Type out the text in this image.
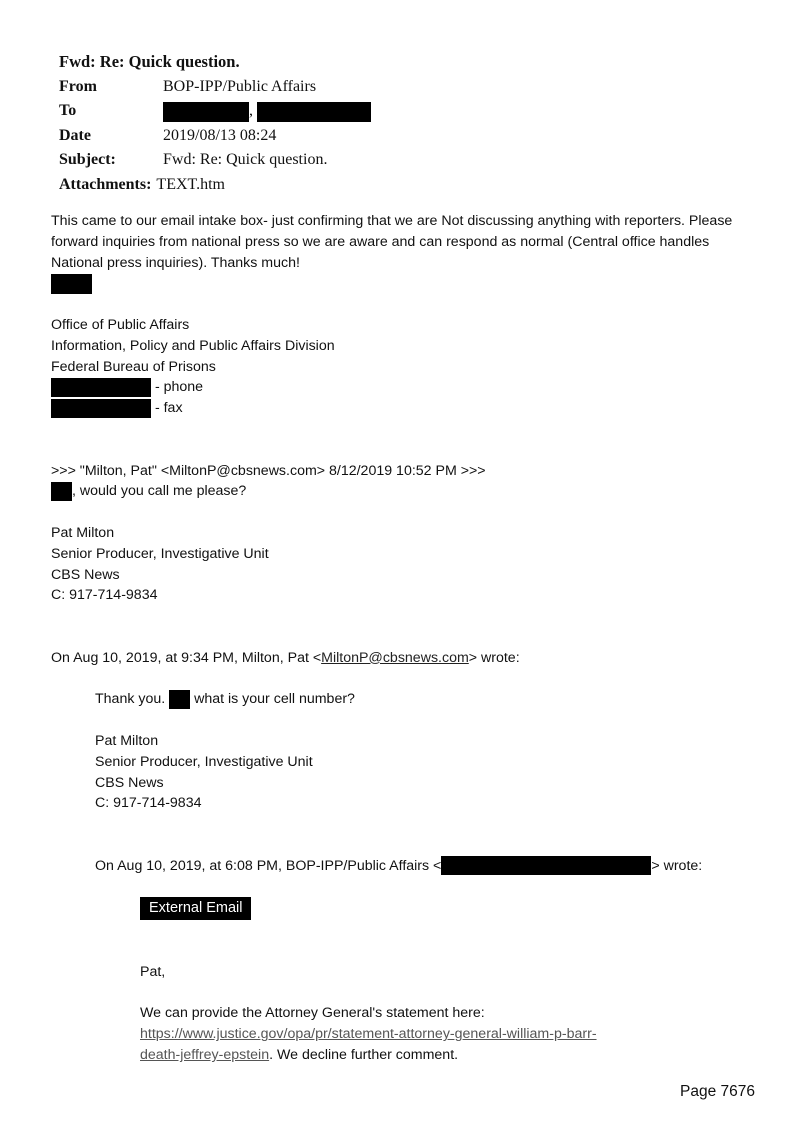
Fwd: Re: Quick question.
From	BOP-IPP/Public Affairs
To	,
Date	2019/08/13 08:24
Subject:	Fwd: Re: Quick question.
Attachments: TEXT.htm

This came to our email intake box- just confirming that we are Not discussing anything with reporters. Please

forward inquiries from national press so we are aware and can respond as normal (Central office handles

National press inquiries). Thanks much!

Office of Public Affairs

Information, Policy and Public Affairs Division

Federal Bureau of Prisons

- phone

- fax

>>> "Milton, Pat" <MiltonP@cbsnews.com> 8/12/2019 10:52 PM >>>

, would you call me please?

Pat Milton

Senior Producer, Investigative Unit

CBS News

C: 917-714-9834

On Aug 10, 2019, at 9:34 PM, Milton, Pat <MiltonP@cbsnews.com> wrote:

Thank you.  what is your cell number?

Pat Milton

Senior Producer, Investigative Unit

CBS News

C: 917-714-9834

On Aug 10, 2019, at 6:08 PM, BOP-IPP/Public Affairs <	> wrote:

External Email

Pat,

We can provide the Attorney General's statement here:

https://www.justice.gov/opa/pr/statement-attorney-general-william-p-barr-

death-jeffrey-epstein. We decline further comment.

Page 7676
